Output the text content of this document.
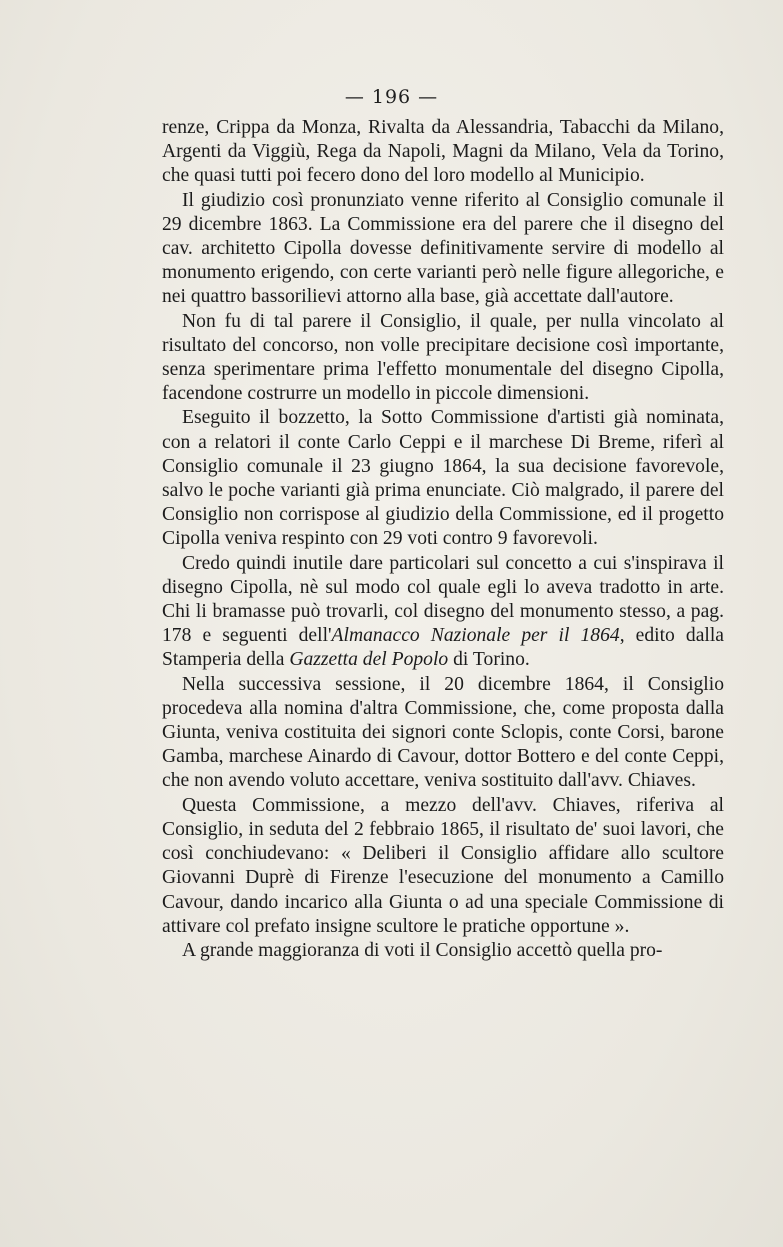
— 196 —

renze, Crippa da Monza, Rivalta da Alessandria, Tabacchi da Milano, Argenti da Viggiù, Rega da Napoli, Magni da Milano, Vela da Torino, che quasi tutti poi fecero dono del loro modello al Municipio.

Il giudizio così pronunziato venne riferito al Consiglio comunale il 29 dicembre 1863. La Commissione era del parere che il disegno del cav. architetto Cipolla dovesse definitivamente servire di modello al monumento erigendo, con certe varianti però nelle figure allegoriche, e nei quattro bassorilievi attorno alla base, già accettate dall'autore.

Non fu di tal parere il Consiglio, il quale, per nulla vincolato al risultato del concorso, non volle precipitare decisione così importante, senza sperimentare prima l'effetto monumentale del disegno Cipolla, facendone costrurre un modello in piccole dimensioni.

Eseguito il bozzetto, la Sotto Commissione d'artisti già nominata, con a relatori il conte Carlo Ceppi e il marchese Di Breme, riferì al Consiglio comunale il 23 giugno 1864, la sua decisione favorevole, salvo le poche varianti già prima enunciate. Ciò malgrado, il parere del Consiglio non corrispose al giudizio della Commissione, ed il progetto Cipolla veniva respinto con 29 voti contro 9 favorevoli.

Credo quindi inutile dare particolari sul concetto a cui s'inspirava il disegno Cipolla, nè sul modo col quale egli lo aveva tradotto in arte. Chi li bramasse può trovarli, col disegno del monumento stesso, a pag. 178 e seguenti dell'Almanacco Nazionale per il 1864, edito dalla Stamperia della Gazzetta del Popolo di Torino.

Nella successiva sessione, il 20 dicembre 1864, il Consiglio procedeva alla nomina d'altra Commissione, che, come proposta dalla Giunta, veniva costituita dei signori conte Sclopis, conte Corsi, barone Gamba, marchese Ainardo di Cavour, dottor Bottero e del conte Ceppi, che non avendo voluto accettare, veniva sostituito dall'avv. Chiaves.

Questa Commissione, a mezzo dell'avv. Chiaves, riferiva al Consiglio, in seduta del 2 febbraio 1865, il risultato de' suoi lavori, che così conchiudevano: « Deliberi il Consiglio affidare allo scultore Giovanni Duprè di Firenze l'esecuzione del monumento a Camillo Cavour, dando incarico alla Giunta o ad una speciale Commissione di attivare col prefato insigne scultore le pratiche opportune ».

A grande maggioranza di voti il Consiglio accettò quella pro-
